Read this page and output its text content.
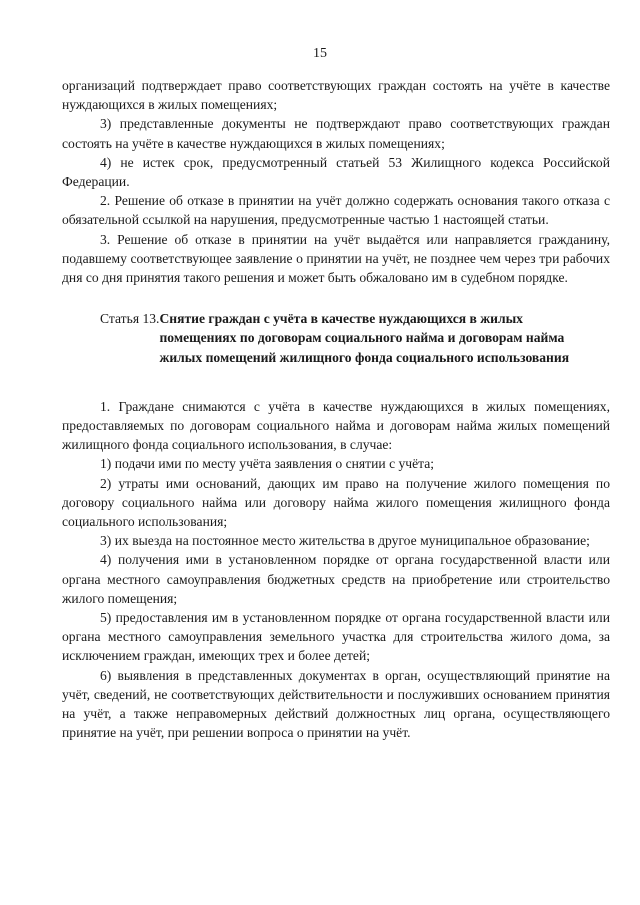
15

организаций подтверждает право соответствующих граждан состоять на учёте в качестве нуждающихся в жилых помещениях;

3) представленные документы не подтверждают право соответствующих граждан состоять на учёте в качестве нуждающихся в жилых помещениях;

4) не истек срок, предусмотренный статьей 53 Жилищного кодекса Российской Федерации.

2. Решение об отказе в принятии на учёт должно содержать основания такого отказа с обязательной ссылкой на нарушения, предусмотренные частью 1 настоящей статьи.

3. Решение об отказе в принятии на учёт выдаётся или направляется гражданину, подавшему соответствующее заявление о принятии на учёт, не позднее чем через три рабочих дня со дня принятия такого решения и может быть обжаловано им в судебном порядке.

Статья 13. Снятие граждан с учёта в качестве нуждающихся в жилых помещениях по договорам социального найма и договорам найма жилых помещений жилищного фонда социального использования

1. Граждане снимаются с учёта в качестве нуждающихся в жилых помещениях, предоставляемых по договорам социального найма и договорам найма жилых помещений жилищного фонда социального использования, в случае:

1) подачи ими по месту учёта заявления о снятии с учёта;

2) утраты ими оснований, дающих им право на получение жилого помещения по договору социального найма или договору найма жилого помещения жилищного фонда социального использования;

3) их выезда на постоянное место жительства в другое муниципальное образование;

4) получения ими в установленном порядке от органа государственной власти или органа местного самоуправления бюджетных средств на приобретение или строительство жилого помещения;

5) предоставления им в установленном порядке от органа государственной власти или органа местного самоуправления земельного участка для строительства жилого дома, за исключением граждан, имеющих трех и более детей;

6) выявления в представленных документах в орган, осуществляющий принятие на учёт, сведений, не соответствующих действительности и послуживших основанием принятия на учёт, а также неправомерных действий должностных лиц органа, осуществляющего принятие на учёт, при решении вопроса о принятии на учёт.
